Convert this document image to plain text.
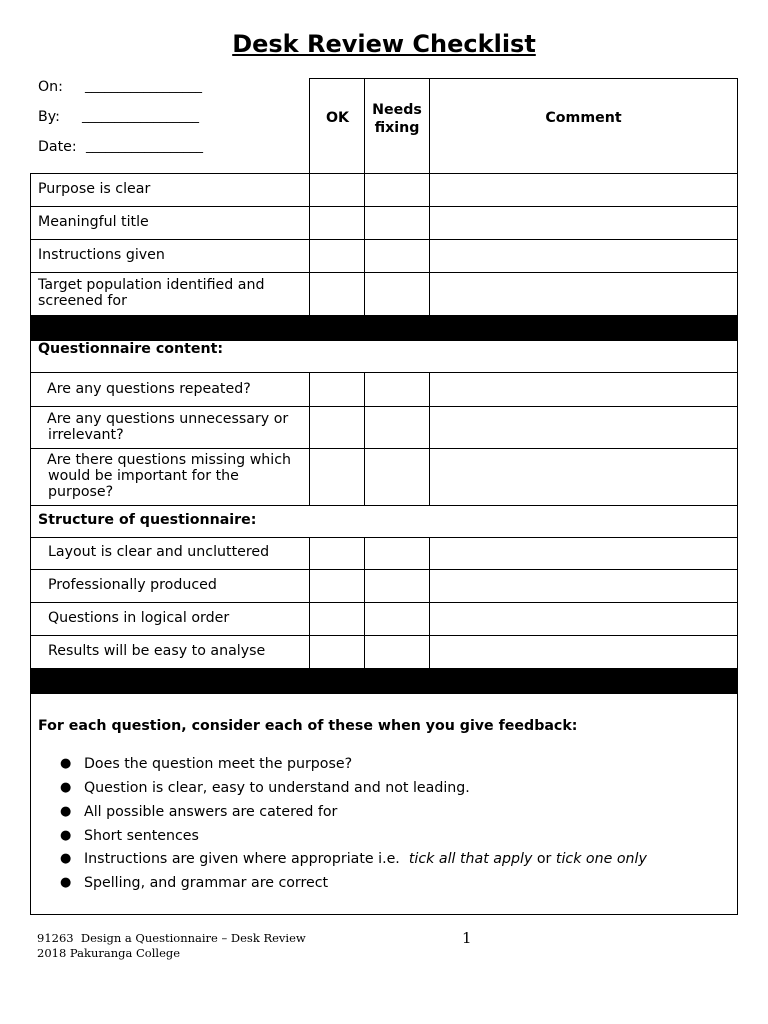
Desk Review Checklist
On: __________________
By: __________________
Date: __________________
OK	Needs
fixing
Comment
Purpose is clear
Meaningful title
Instructions given
Target population identified and
screened for
Questionnaire content:
Are any questions repeated?
Are any questions unnecessary or
irrelevant?
Are there questions missing which
would be important for the
purpose?
Structure of questionnaire:
Layout is clear and uncluttered
Professionally produced
Questions in logical order
Results will be easy to analyse
For each question, consider each of these when you give feedback:
● Does the question meet the purpose?
● Question is clear, easy to understand and not leading.
● All possible answers are catered for
● Short sentences
● Instructions are given where appropriate i.e. tick all that apply or tick one only
● Spelling, and grammar are correct
91263  Design a Questionnaire – Desk Review
2018 Pakuranga College
1
